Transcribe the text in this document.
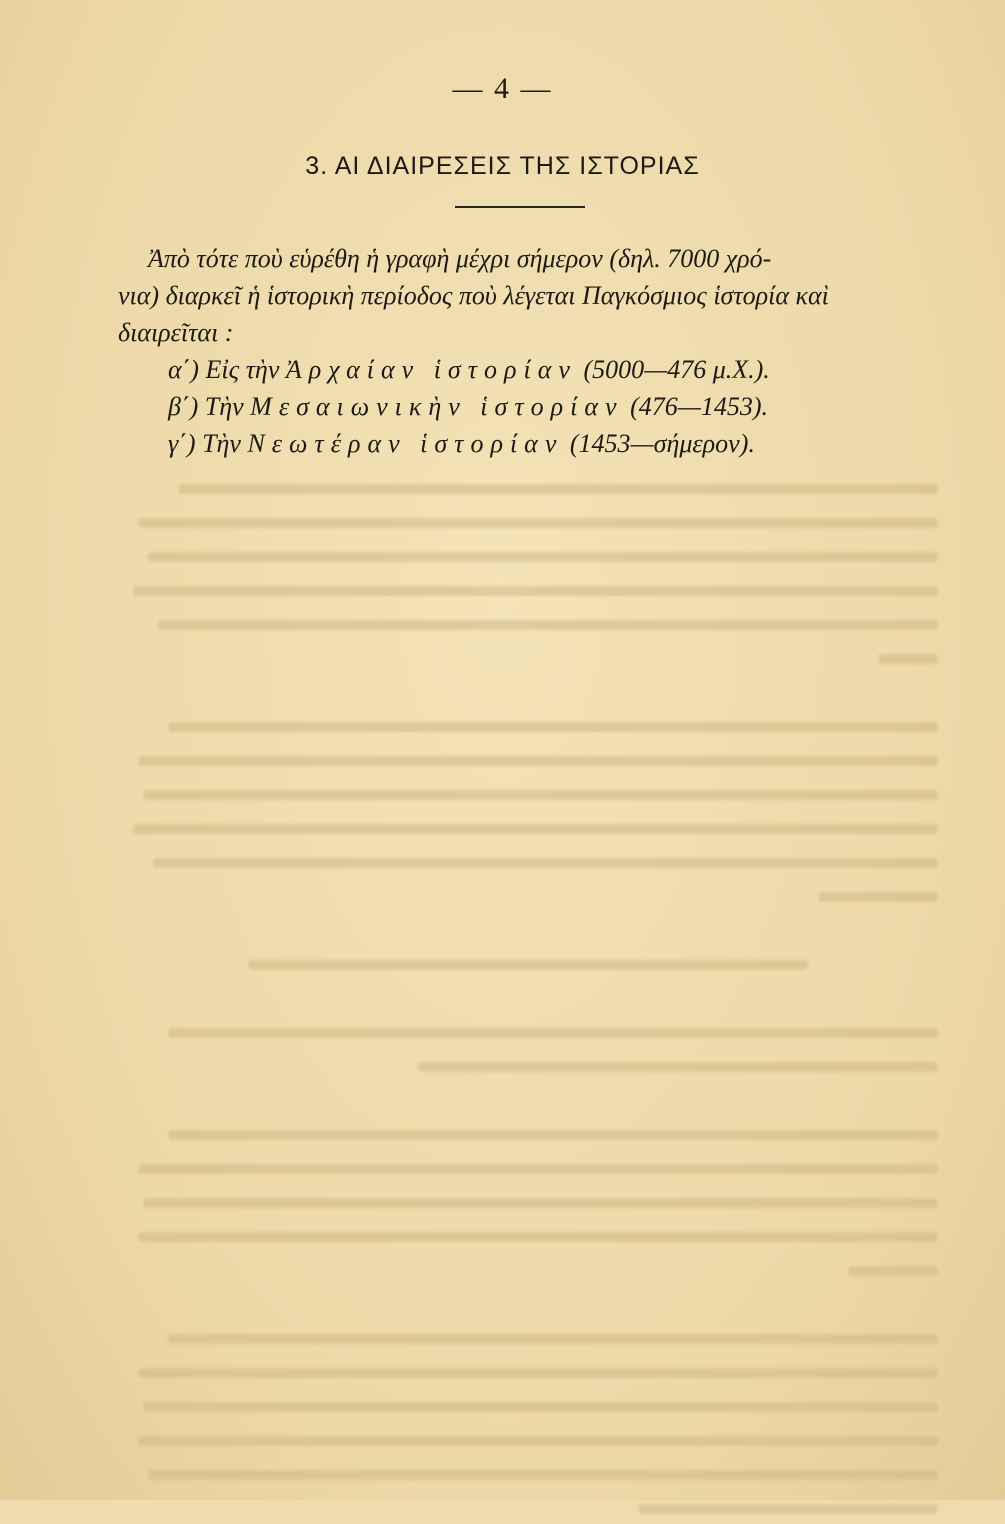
— 4 —
3. ΑΙ ΔΙΑΙΡΕΣΕΙΣ ΤΗΣ ΙΣΤΟΡΙΑΣ
Ἀπὸ τότε ποὺ εὑρέθη ἡ γραφὴ μέχρι σήμερον (δηλ. 7000 χρό-
νια) διαρκεῖ ἡ ἱστορικὴ περίοδος ποὺ λέγεται Παγκόσμιος ἱστορία καὶ
διαιρεῖται :
α΄) Εἰς τὴν Ἀρχαίαν ἱστορίαν (5000—476 μ.Χ.).
β΄) Τὴν Μεσαιωνικὴν ἱστορίαν (476—1453).
γ΄) Τὴν Νεωτέραν ἱστορίαν (1453—σήμερον).
